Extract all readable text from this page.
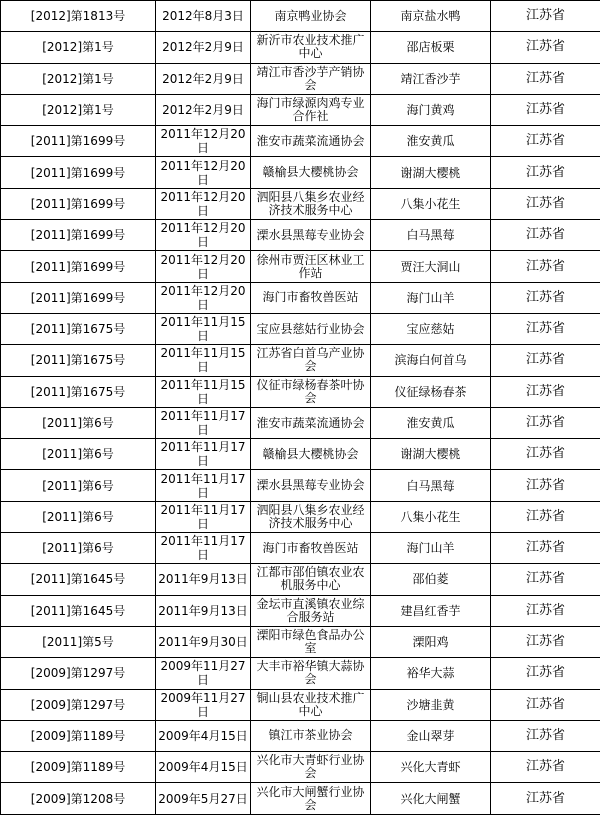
[2012]第1813号	2012年8月3日	南京鸭业协会	南京盐水鸭	江苏省
[2012]第1号	2012年2月9日	新沂市农业技术推广中心	邵店板栗	江苏省
[2012]第1号	2012年2月9日	靖江市香沙芋产销协会	靖江香沙芋	江苏省
[2012]第1号	2012年2月9日	海门市绿源肉鸡专业合作社	海门黄鸡	江苏省
[2011]第1699号	2011年12月20日	淮安市蔬菜流通协会	淮安黄瓜	江苏省
[2011]第1699号	2011年12月20日	赣榆县大樱桃协会	谢湖大樱桃	江苏省
[2011]第1699号	2011年12月20日	泗阳县八集乡农业经济技术服务中心	八集小花生	江苏省
[2011]第1699号	2011年12月20日	溧水县黑莓专业协会	白马黑莓	江苏省
[2011]第1699号	2011年12月20日	徐州市贾汪区林业工作站	贾汪大洞山	江苏省
[2011]第1699号	2011年12月20日	海门市畜牧兽医站	海门山羊	江苏省
[2011]第1675号	2011年11月15日	宝应县慈姑行业协会	宝应慈姑	江苏省
[2011]第1675号	2011年11月15日	江苏省白首乌产业协会	滨海白何首乌	江苏省
[2011]第1675号	2011年11月15日	仪征市绿杨春茶叶协会	仪征绿杨春茶	江苏省
[2011]第6号	2011年11月17日	淮安市蔬菜流通协会	淮安黄瓜	江苏省
[2011]第6号	2011年11月17日	赣榆县大樱桃协会	谢湖大樱桃	江苏省
[2011]第6号	2011年11月17日	溧水县黑莓专业协会	白马黑莓	江苏省
[2011]第6号	2011年11月17日	泗阳县八集乡农业经济技术服务中心	八集小花生	江苏省
[2011]第6号	2011年11月17日	海门市畜牧兽医站	海门山羊	江苏省
[2011]第1645号	2011年9月13日	江都市邵伯镇农业农机服务中心	邵伯菱	江苏省
[2011]第1645号	2011年9月13日	金坛市直溪镇农业综合服务站	建昌红香芋	江苏省
[2011]第5号	2011年9月30日	溧阳市绿色食品办公室	溧阳鸡	江苏省
[2009]第1297号	2009年11月27日	大丰市裕华镇大蒜协会	裕华大蒜	江苏省
[2009]第1297号	2009年11月27日	铜山县农业技术推广中心	沙塘韭黄	江苏省
[2009]第1189号	2009年4月15日	镇江市茶业协会	金山翠芽	江苏省
[2009]第1189号	2009年4月15日	兴化市大青虾行业协会	兴化大青虾	江苏省
[2009]第1208号	2009年5月27日	兴化市大闸蟹行业协会	兴化大闸蟹	江苏省
